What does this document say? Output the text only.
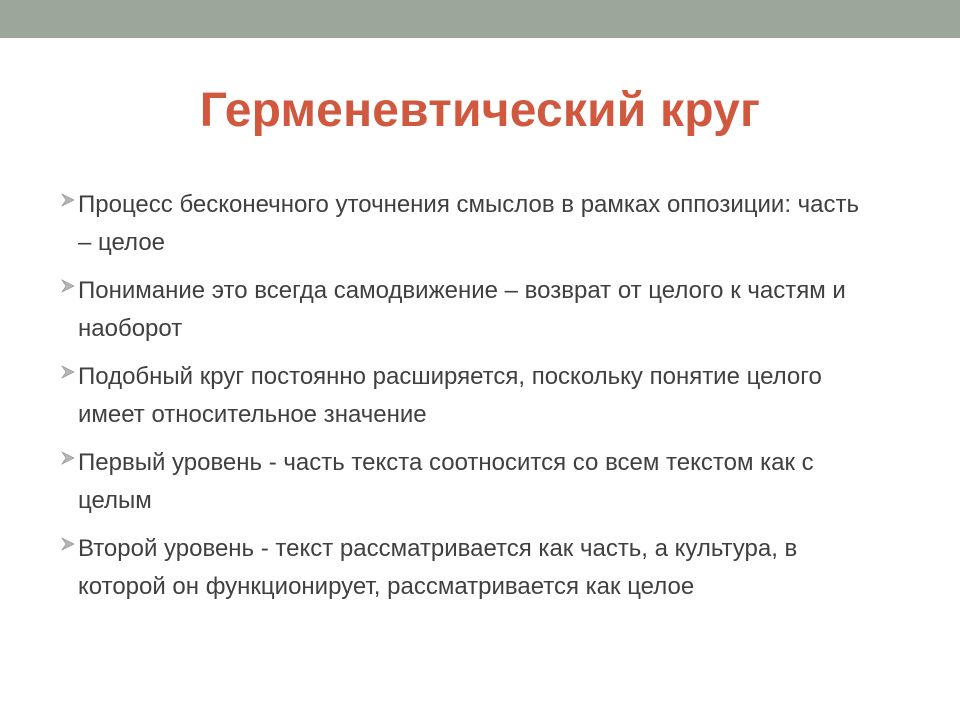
Герменевтический круг
Процесс бесконечного уточнения смыслов в рамках оппозиции: часть – целое
Понимание это всегда самодвижение – возврат от целого к частям и наоборот
Подобный круг постоянно расширяется, поскольку понятие целого имеет относительное значение
Первый уровень - часть текста соотносится со всем текстом как с целым
Второй уровень - текст рассматривается как часть, а культура, в которой он функционирует, рассматривается как целое
